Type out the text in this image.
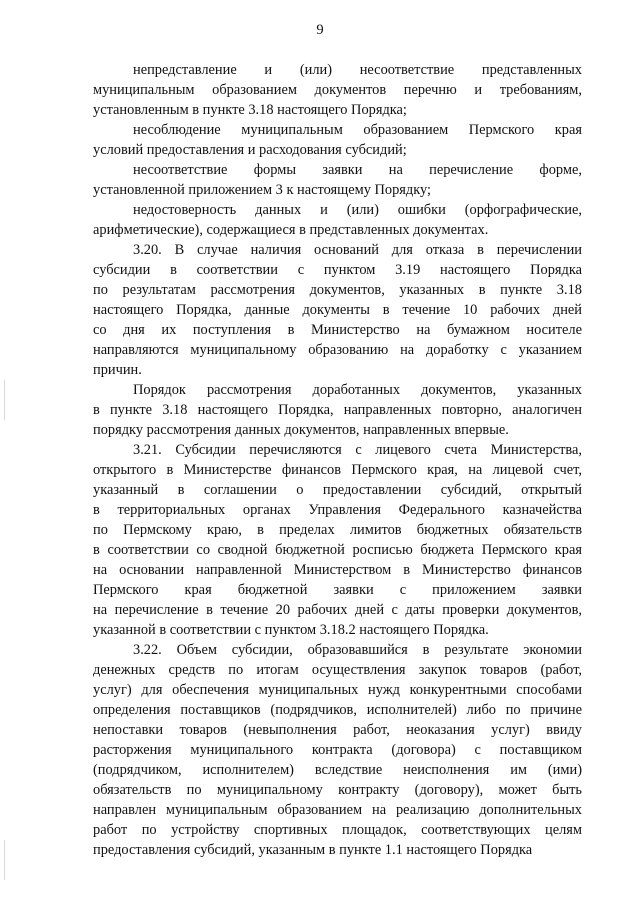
9
непредставление и (или) несоответствие представленных
муниципальным образованием документов перечню и требованиям,
установленным в пункте 3.18 настоящего Порядка;
несоблюдение муниципальным образованием Пермского края
условий предоставления и расходования субсидий;
несоответствие формы заявки на перечисление форме,
установленной приложением 3 к настоящему Порядку;
недостоверность данных и (или) ошибки (орфографические,
арифметические), содержащиеся в представленных документах.
3.20. В случае наличия оснований для отказа в перечислении
субсидии в соответствии с пунктом 3.19 настоящего Порядка
по результатам рассмотрения документов, указанных в пункте 3.18
настоящего Порядка, данные документы в течение 10 рабочих дней
со дня их поступления в Министерство на бумажном носителе
направляются муниципальному образованию на доработку с указанием
причин.
Порядок рассмотрения доработанных документов, указанных
в пункте 3.18 настоящего Порядка, направленных повторно, аналогичен
порядку рассмотрения данных документов, направленных впервые.
3.21. Субсидии перечисляются с лицевого счета Министерства,
открытого в Министерстве финансов Пермского края, на лицевой счет,
указанный в соглашении о предоставлении субсидий, открытый
в территориальных органах Управления Федерального казначейства
по Пермскому краю, в пределах лимитов бюджетных обязательств
в соответствии со сводной бюджетной росписью бюджета Пермского края
на основании направленной Министерством в Министерство финансов
Пермского края бюджетной заявки с приложением заявки
на перечисление в течение 20 рабочих дней с даты проверки документов,
указанной в соответствии с пунктом 3.18.2 настоящего Порядка.
3.22. Объем субсидии, образовавшийся в результате экономии
денежных средств по итогам осуществления закупок товаров (работ,
услуг) для обеспечения муниципальных нужд конкурентными способами
определения поставщиков (подрядчиков, исполнителей) либо по причине
непоставки товаров (невыполнения работ, неоказания услуг) ввиду
расторжения муниципального контракта (договора) с поставщиком
(подрядчиком, исполнителем) вследствие неисполнения им (ими)
обязательств по муниципальному контракту (договору), может быть
направлен муниципальным образованием на реализацию дополнительных
работ по устройству спортивных площадок, соответствующих целям
предоставления субсидий, указанным в пункте 1.1 настоящего Порядка
